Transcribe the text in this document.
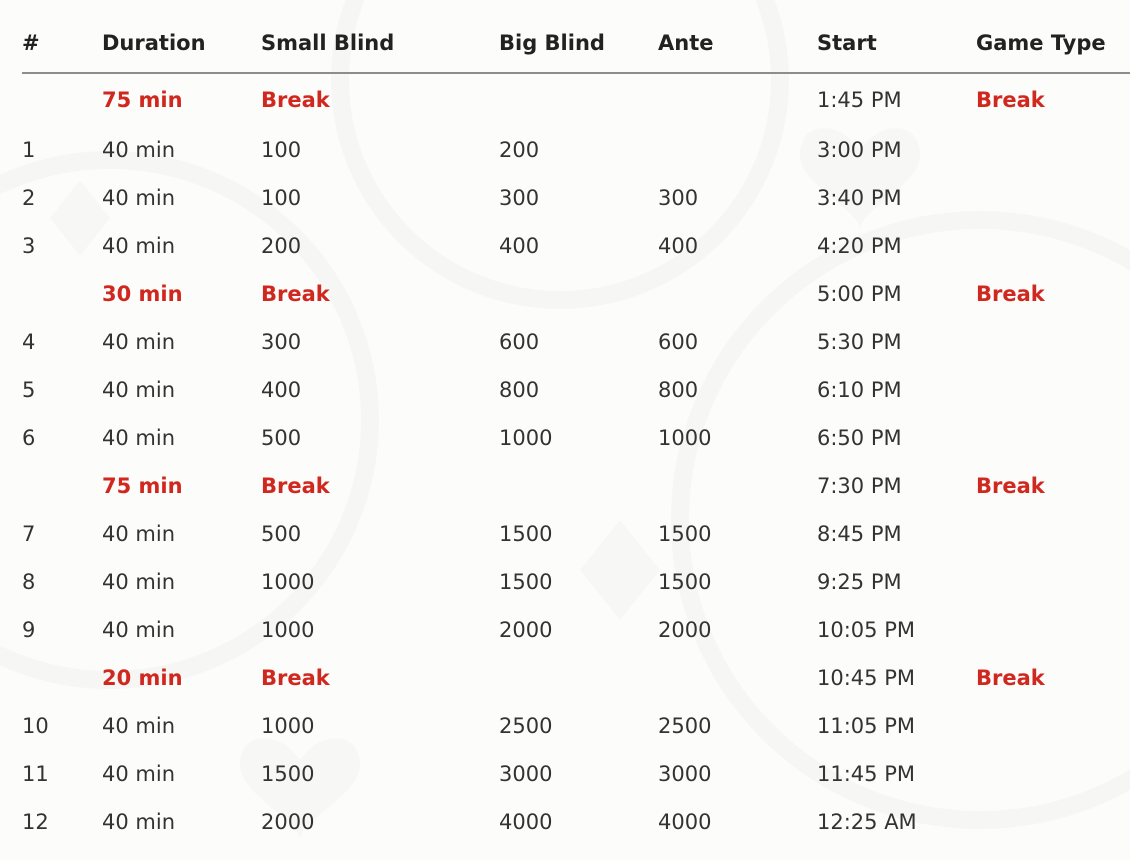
#	Duration	Small Blind	Big Blind	Ante	Start	Game Type
	75 min	Break			1:45 PM	Break
1	40 min	100	200		3:00 PM	
2	40 min	100	300	300	3:40 PM	
3	40 min	200	400	400	4:20 PM	
	30 min	Break			5:00 PM	Break
4	40 min	300	600	600	5:30 PM	
5	40 min	400	800	800	6:10 PM	
6	40 min	500	1000	1000	6:50 PM	
	75 min	Break			7:30 PM	Break
7	40 min	500	1500	1500	8:45 PM	
8	40 min	1000	1500	1500	9:25 PM	
9	40 min	1000	2000	2000	10:05 PM	
	20 min	Break			10:45 PM	Break
10	40 min	1000	2500	2500	11:05 PM	
11	40 min	1500	3000	3000	11:45 PM	
12	40 min	2000	4000	4000	12:25 AM	
